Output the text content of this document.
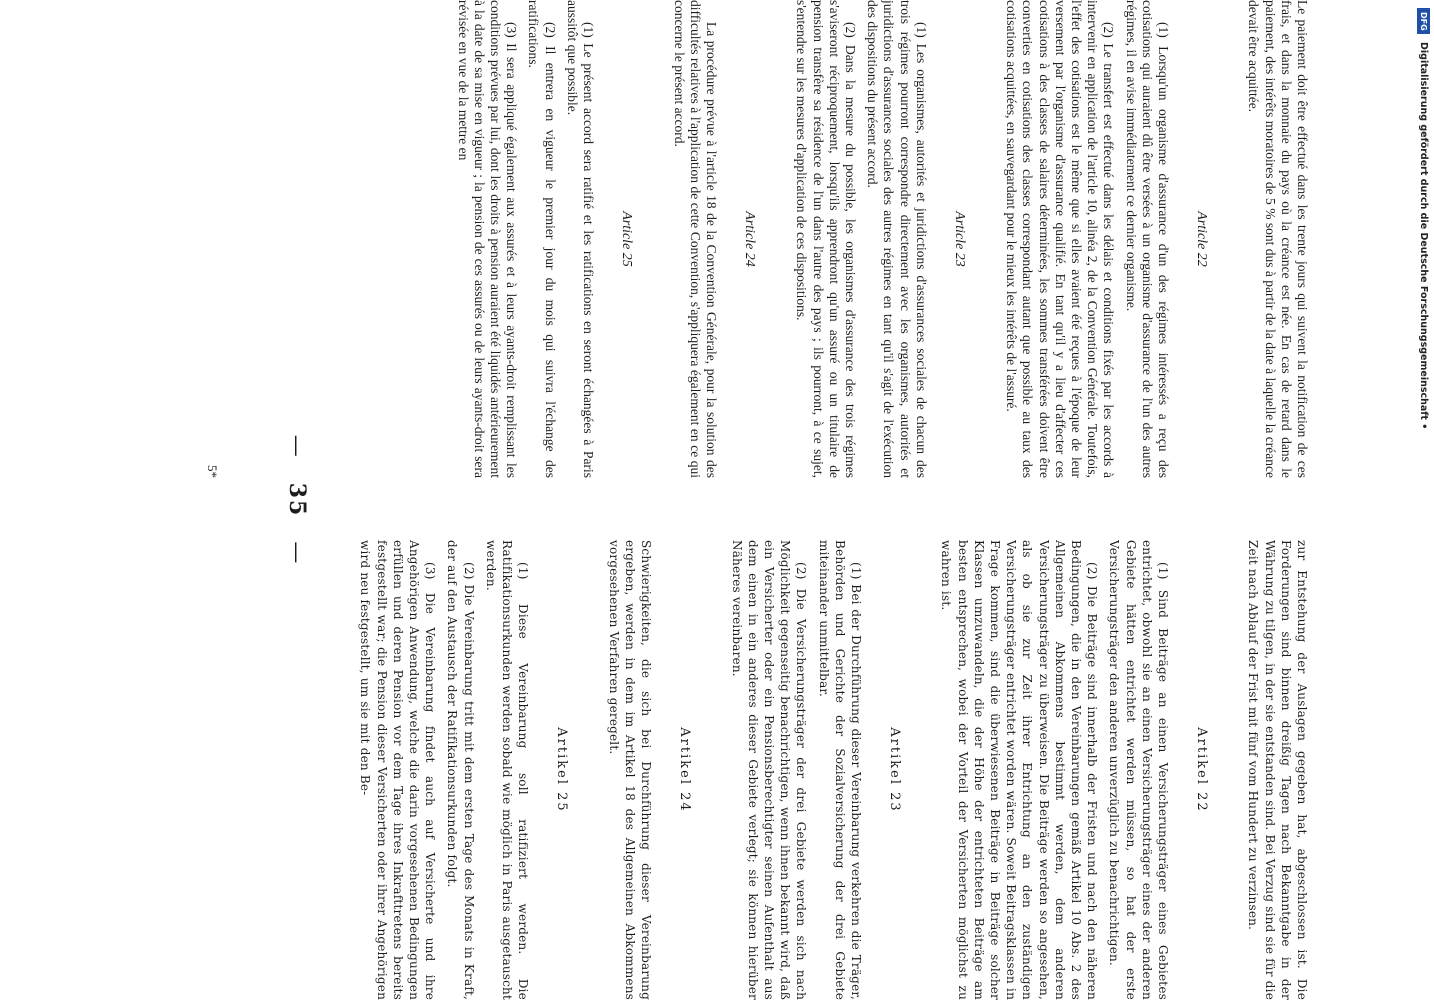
zur Entstehung der Auslagen gegeben hat, abgeschlossen ist. Die Forderungen sind binnen dreißig Tagen nach Bekanntgabe in der Währung zu tilgen, in der sie entstanden sind. Bei Verzug sind sie für die Zeit nach Ablauf der Frist mit fünf vom Hundert zu verzinsen.

Artikel 22

(1) Sind Beiträge an einen Versicherungsträger eines Gebietes entrichtet, obwohl sie an einen Versicherungsträger eines der anderen Gebiete hätten entrichtet werden müssen, so hat der erste Versicherungsträger den anderen unverzüglich zu benachrichtigen.

(2) Die Beiträge sind innerhalb der Fristen und nach den näheren Bedingungen, die in den Vereinbarungen gemäß Artikel 10 Abs. 2 des Allgemeinen Abkommens bestimmt werden, dem anderen Versicherungsträger zu überweisen. Die Beiträge werden so angesehen, als ob sie zur Zeit ihrer Entrichtung an den zuständigen Versicherungsträger entrichtet worden wären. Soweit Beitragsklassen in Frage kommen, sind die überwiesenen Beiträge in Beiträge solcher Klassen umzuwandeln, die der Höhe der entrichteten Beiträge am besten entsprechen, wobei der Vorteil der Versicherten möglichst zu wahren ist.

Artikel 23

(1) Bei der Durchführung dieser Vereinbarung verkehren die Träger, Behörden und Gerichte der Sozialversicherung der drei Gebiete miteinander unmittelbar.

(2) Die Versicherungsträger der drei Gebiete werden sich nach Möglichkeit gegenseitig benachrichtigen, wenn ihnen bekannt wird, daß ein Versicherter oder ein Pensionsberechtigter seinen Aufenthalt aus dem einen in ein anderes dieser Gebiete verlegt; sie können hierüber Näheres vereinbaren.

Artikel 24

Schwierigkeiten, die sich bei Durchführung dieser Vereinbarung ergeben, werden in dem im Artikel 18 des Allgemeinen Abkommens vorgesehenen Verfahren geregelt.

Artikel 25

(1) Diese Vereinbarung soll ratifiziert werden. Die Ratifikationsurkunden werden sobald wie möglich in Paris ausgetauscht werden.

(2) Die Vereinbarung tritt mit dem ersten Tage des Monats in Kraft, der auf den Austausch der Ratifikationsurkunden folgt.

(3) Die Vereinbarung findet auch auf Versicherte und ihre Angehörigen Anwendung, welche die darin vorgesehenen Bedingungen erfüllen und deren Pension vor dem Tage ihres Inkrafttretens bereits festgestellt war; die Pension dieser Versicherten oder ihrer Angehörigen wird neu festgestellt, um sie mit den Be-

Le paiement doit être effectué dans les trente jours qui suivent la notification de ces frais, et dans la monnaie du pays où la créance est née. En cas de retard dans le paiement, des intérêts moratoires de 5 % sont dus à partir de la date à laquelle la créance devait être acquittée.

Article 22

(1) Lorsqu'un organisme d'assurance d'un des régimes intéressés a reçu des cotisations qui auraient dû être versées à un organisme d'assurance de l'un des autres régimes, il en avise immédiatement ce dernier organisme.

(2) Le transfert est effectué dans les délais et conditions fixés par les accords à intervenir en application de l'article 10, alinéa 2, de la Convention Générale. Toutefois, l'effet des cotisations est le même que si elles avaient été reçues à l'époque de leur versement par l'organisme d'assurance qualifié. En tant qu'il y a lieu d'affecter ces cotisations à des classes de salaires déterminées, les sommes transférées doivent être converties en cotisations des classes correspondant autant que possible au taux des cotisations acquittées, en sauvegardant pour le mieux les intérêts de l'assuré.

Article 23

(1) Les organismes, autorités et juridictions d'assurances sociales de chacun des trois régimes pourront correspondre directement avec les organismes, autorités et juridictions d'assurances sociales des autres régimes en tant qu'il s'agit de l'exécution des dispositions du présent accord.

(2) Dans la mesure du possible, les organismes d'assurance des trois régimes s'aviseront réciproquement, lorsqu'ils apprendront qu'un assuré ou un titulaire de pension transfère sa résidence de l'un dans l'autre des pays ; ils pourront, à ce sujet, s'entendre sur les mesures d'application de ces dispositions.

Article 24

La procédure prévue à l'article 18 de la Convention Générale, pour la solution des difficultés relatives à l'application de cette Convention, s'appliquera également en ce qui concerne le présent accord.

Article 25

(1) Le présent accord sera ratifié et les ratifications en seront échangées à Paris aussitôt que possible.

(2) Il entrera en vigueur le premier jour du mois qui suivra l'échange des ratifications.

(3) Il sera appliqué également aux assurés et à leurs ayants-droit remplissant les conditions prévues par lui, dont les droits à pension auraient été liquidés antérieurement à la date de sa mise en vigueur ; la pension de ces assurés ou de leurs ayants-droit sera révisée en vue de la mettre en

—35—
5*
DFG
Digitalisierung gefördert durch die Deutsche Forschungsgemeinschaft •
